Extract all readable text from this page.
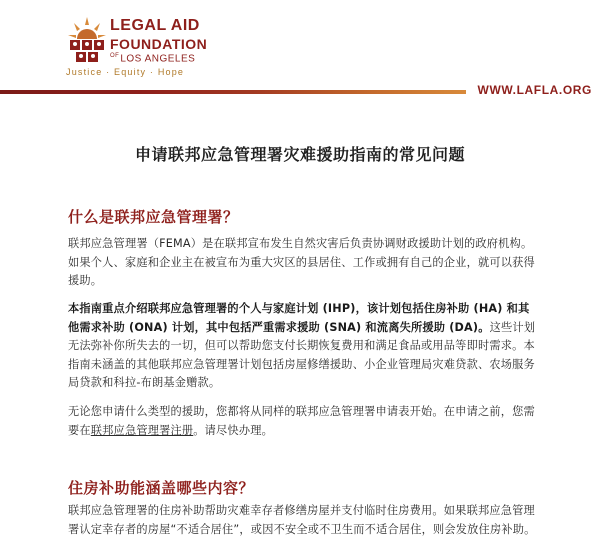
LEGAL AID
FOUNDATION
$^{OF}$LOS ANGELES
Justice · Equity · Hope
WWW.LAFLA.ORG
申请联邦应急管理署灾难援助指南的常见问题
什么是联邦应急管理署？

联邦应急管理署（FEMA）是在联邦宣布发生自然灾害后负责协调财政援助计划的政府机构。如果个人、家庭和企业主在被宣布为重大灾区的县居住、工作或拥有自己的企业，就可以获得援助。

本指南重点介绍联邦应急管理署的个人与家庭计划 (IHP)，该计划包括住房补助 (HA) 和其他需求补助 (ONA) 计划，其中包括严重需求援助 (SNA) 和流离失所援助 (DA)。这些计划无法弥补你所失去的一切，但可以帮助您支付长期恢复费用和满足食品或用品等即时需求。本指南未涵盖的其他联邦应急管理署计划包括房屋修缮援助、小企业管理局灾难贷款、农场服务局贷款和科拉-布朗基金赠款。

无论您申请什么类型的援助，您都将从同样的联邦应急管理署申请表开始。在申请之前，您需要在联邦应急管理署注册。请尽快办理。

住房补助能涵盖哪些内容？

联邦应急管理署的住房补助帮助灾难幸存者修缮房屋并支付临时住房费用。如果联邦应急管理署认定幸存者的房屋“不适合居住”，或因不安全或不卫生而不适合居住，则会发放住房补助。
